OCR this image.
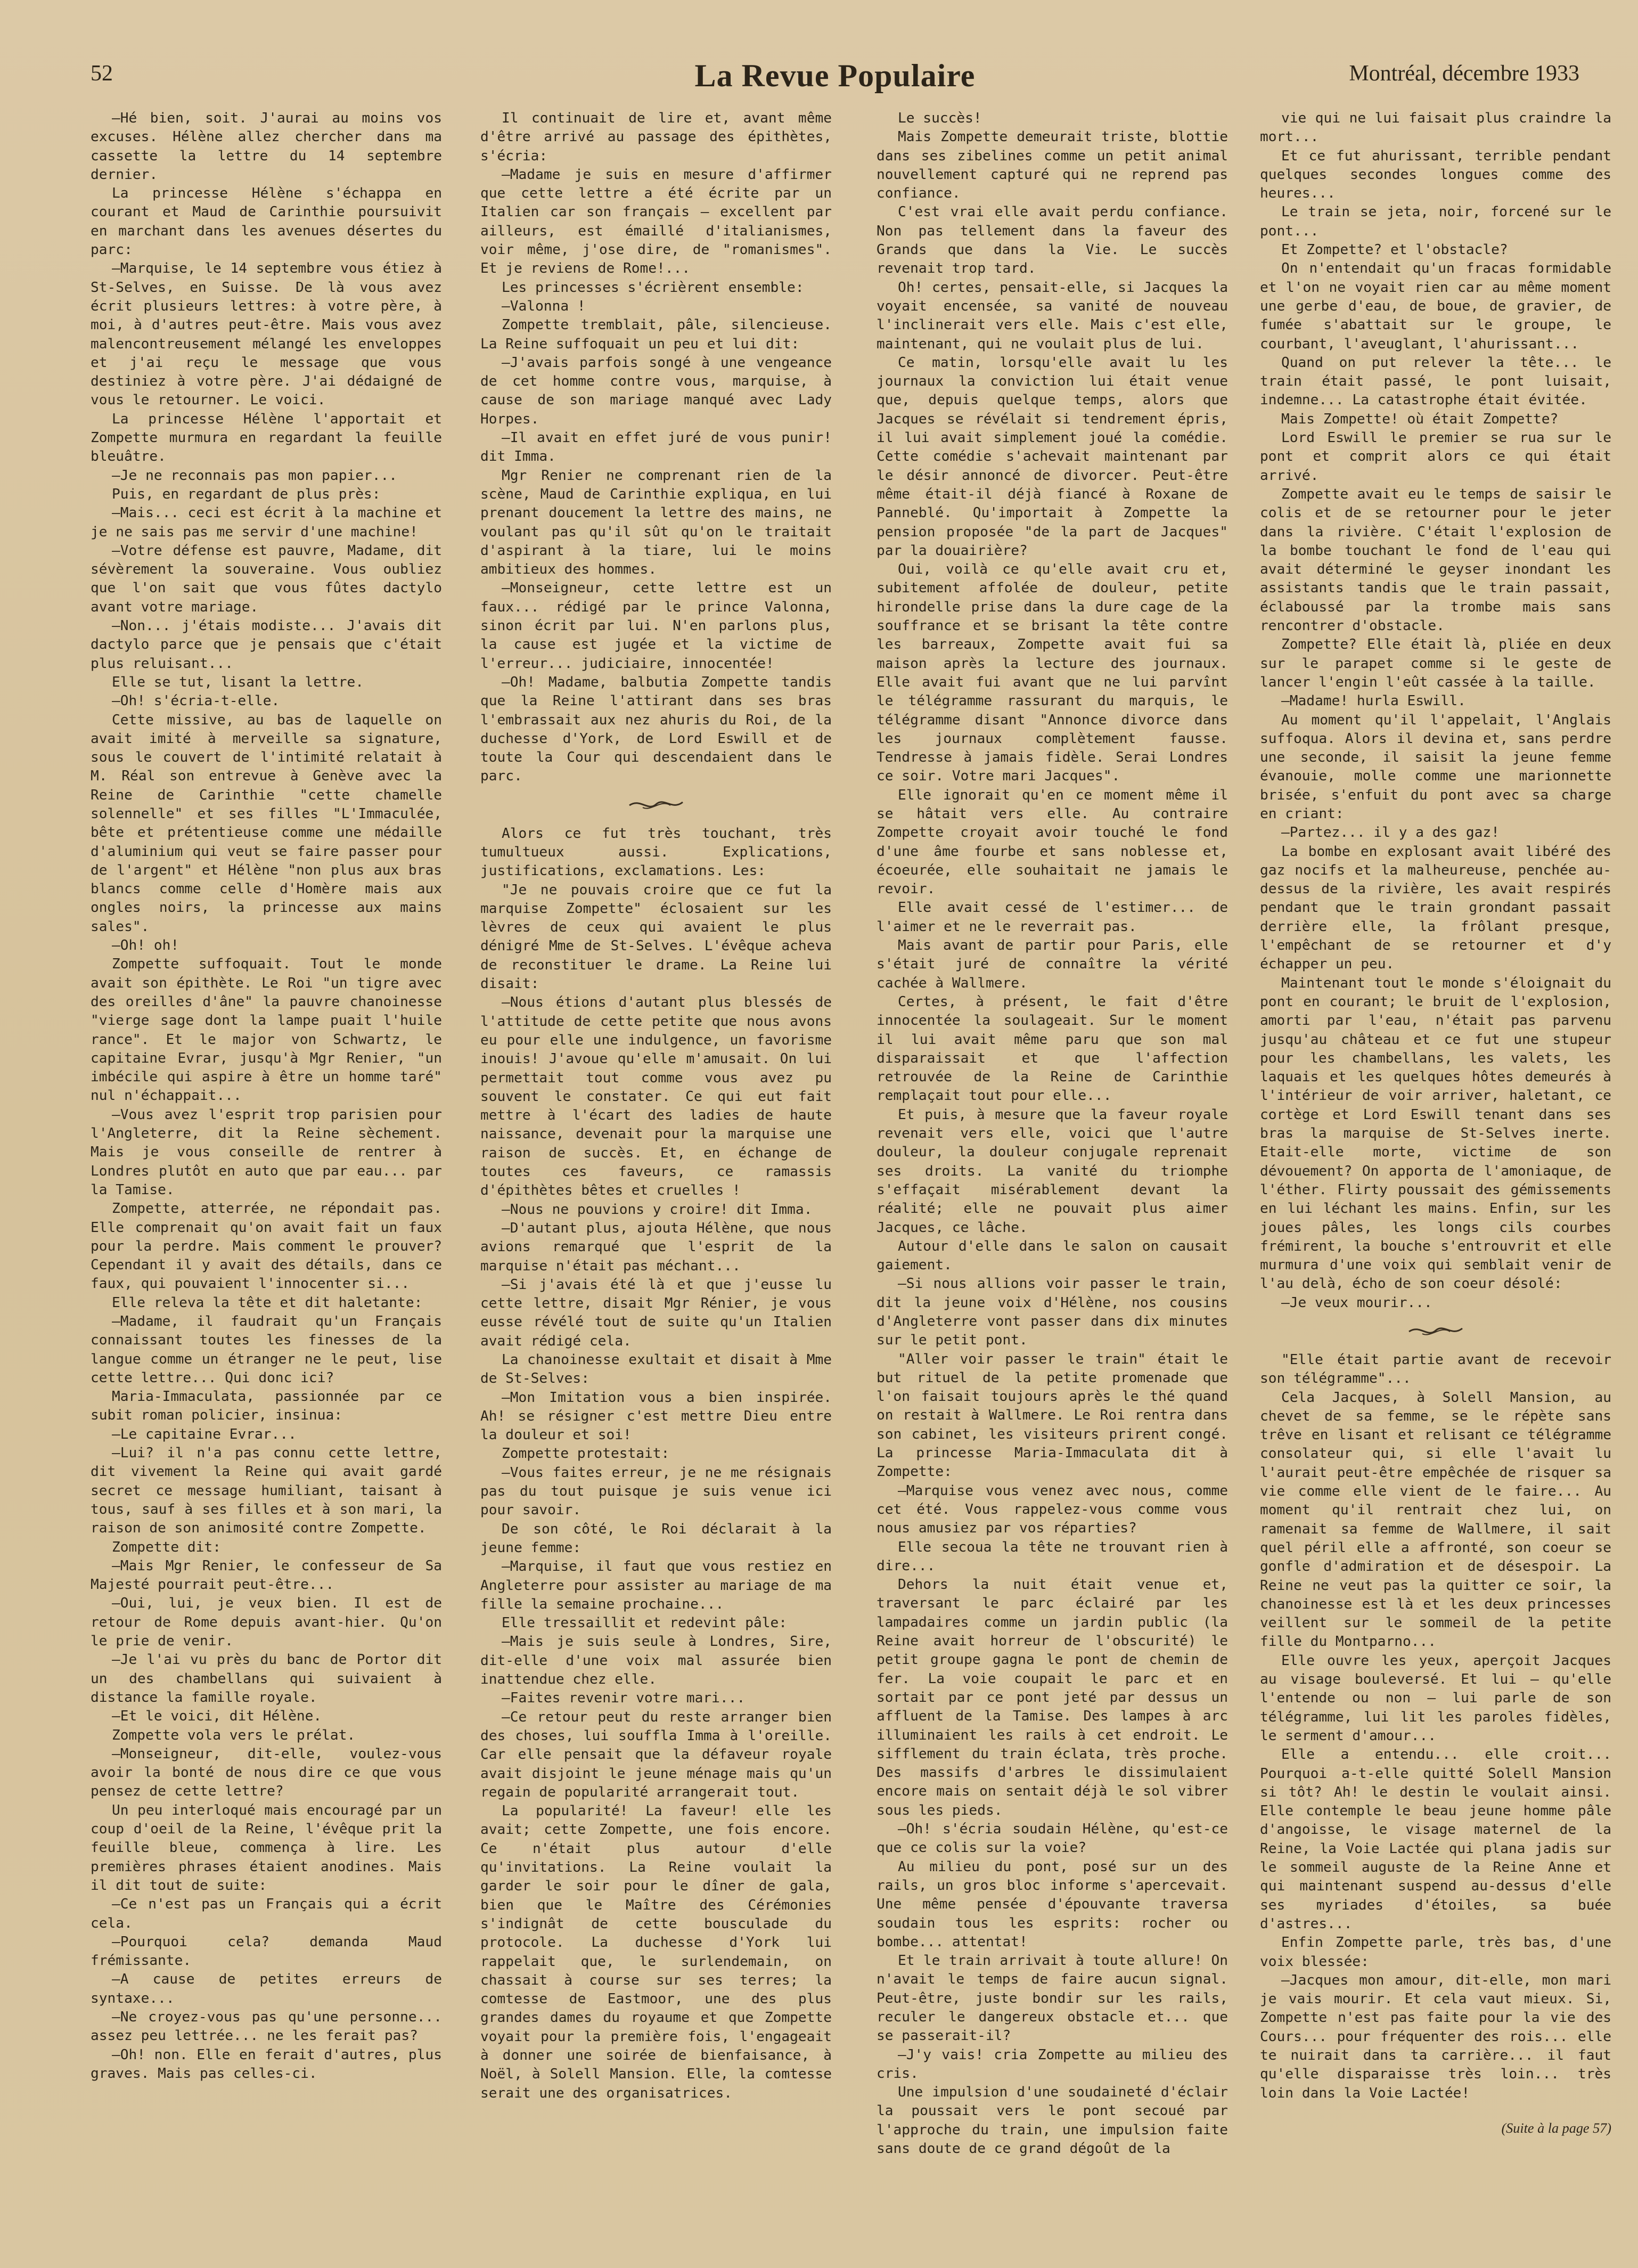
52	La Revue Populaire	Montréal, décembre 1933

—Hé bien, soit. J'aurai au moins vos excuses. Hélène allez chercher dans ma cassette la lettre du 14 septembre dernier.

La princesse Hélène s'échappa en courant et Maud de Carinthie poursuivit en marchant dans les avenues désertes du parc:

—Marquise, le 14 septembre vous étiez à St-Selves, en Suisse. De là vous avez écrit plusieurs lettres: à votre père, à moi, à d'autres peut-être. Mais vous avez malencontreusement mélangé les enveloppes et j'ai reçu le message que vous destiniez à votre père. J'ai dédaigné de vous le retourner. Le voici.

La princesse Hélène l'apportait et Zompette murmura en regardant la feuille bleuâtre.

—Je ne reconnais pas mon papier...

Puis, en regardant de plus près:

—Mais... ceci est écrit à la machine et je ne sais pas me servir d'une machine!

—Votre défense est pauvre, Madame, dit sévèrement la souveraine. Vous oubliez que l'on sait que vous fûtes dactylo avant votre mariage.

—Non... j'étais modiste... J'avais dit dactylo parce que je pensais que c'était plus reluisant...

Elle se tut, lisant la lettre.

—Oh! s'écria-t-elle.

Cette missive, au bas de laquelle on avait imité à merveille sa signature, sous le couvert de l'intimité relatait à M. Réal son entrevue à Genève avec la Reine de Carinthie "cette chamelle solennelle" et ses filles "L'Immaculée, bête et prétentieuse comme une médaille d'aluminium qui veut se faire passer pour de l'argent" et Hélène "non plus aux bras blancs comme celle d'Homère mais aux ongles noirs, la princesse aux mains sales".

—Oh! oh!

Zompette suffoquait. Tout le monde avait son épithète. Le Roi "un tigre avec des oreilles d'âne" la pauvre chanoinesse "vierge sage dont la lampe puait l'huile rance". Et le major von Schwartz, le capitaine Evrar, jusqu'à Mgr Renier, "un imbécile qui aspire à être un homme taré" nul n'échappait...

—Vous avez l'esprit trop parisien pour l'Angleterre, dit la Reine sèchement. Mais je vous conseille de rentrer à Londres plutôt en auto que par eau... par la Tamise.

Zompette, atterrée, ne répondait pas. Elle comprenait qu'on avait fait un faux pour la perdre. Mais comment le prouver? Cependant il y avait des détails, dans ce faux, qui pouvaient l'innocenter si...

Elle releva la tête et dit haletante:

—Madame, il faudrait qu'un Français connaissant toutes les finesses de la langue comme un étranger ne le peut, lise cette lettre... Qui donc ici?

Maria-Immaculata, passionnée par ce subit roman policier, insinua:

—Le capitaine Evrar...

—Lui? il n'a pas connu cette lettre, dit vivement la Reine qui avait gardé secret ce message humiliant, taisant à tous, sauf à ses filles et à son mari, la raison de son animosité contre Zompette.

Zompette dit:

—Mais Mgr Renier, le confesseur de Sa Majesté pourrait peut-être...

—Oui, lui, je veux bien. Il est de retour de Rome depuis avant-hier. Qu'on le prie de venir.

—Je l'ai vu près du banc de Portor dit un des chambellans qui suivaient à distance la famille royale.

—Et le voici, dit Hélène.

Zompette vola vers le prélat.

—Monseigneur, dit-elle, voulez-vous avoir la bonté de nous dire ce que vous pensez de cette lettre?

Un peu interloqué mais encouragé par un coup d'oeil de la Reine, l'évêque prit la feuille bleue, commença à lire. Les premières phrases étaient anodines. Mais il dit tout de suite:

—Ce n'est pas un Français qui a écrit cela.

—Pourquoi cela? demanda Maud frémissante.

—A cause de petites erreurs de syntaxe...

—Ne croyez-vous pas qu'une personne... assez peu lettrée... ne les ferait pas?

—Oh! non. Elle en ferait d'autres, plus graves. Mais pas celles-ci.

Il continuait de lire et, avant même d'être arrivé au passage des épithètes, s'écria:

—Madame je suis en mesure d'affirmer que cette lettre a été écrite par un Italien car son français — excellent par ailleurs, est émaillé d'italianismes, voir même, j'ose dire, de "romanismes". Et je reviens de Rome!...

Les princesses s'écrièrent ensemble:

—Valonna !

Zompette tremblait, pâle, silencieuse. La Reine suffoquait un peu et lui dit:

—J'avais parfois songé à une vengeance de cet homme contre vous, marquise, à cause de son mariage manqué avec Lady Horpes.

—Il avait en effet juré de vous punir! dit Imma.

Mgr Renier ne comprenant rien de la scène, Maud de Carinthie expliqua, en lui prenant doucement la lettre des mains, ne voulant pas qu'il sût qu'on le traitait d'aspirant à la tiare, lui le moins ambitieux des hommes.

—Monseigneur, cette lettre est un faux... rédigé par le prince Valonna, sinon écrit par lui. N'en parlons plus, la cause est jugée et la victime de l'erreur... judiciaire, innocentée!

—Oh! Madame, balbutia Zompette tandis que la Reine l'attirant dans ses bras l'embrassait aux nez ahuris du Roi, de la duchesse d'York, de Lord Eswill et de toute la Cour qui descendaient dans le parc.

Alors ce fut très touchant, très tumultueux aussi. Explications, justifications, exclamations. Les:

"Je ne pouvais croire que ce fut la marquise Zompette" éclosaient sur les lèvres de ceux qui avaient le plus dénigré Mme de St-Selves. L'évêque acheva de reconstituer le drame. La Reine lui disait:

—Nous étions d'autant plus blessés de l'attitude de cette petite que nous avons eu pour elle une indulgence, un favorisme inouis! J'avoue qu'elle m'amusait. On lui permettait tout comme vous avez pu souvent le constater. Ce qui eut fait mettre à l'écart des ladies de haute naissance, devenait pour la marquise une raison de succès. Et, en échange de toutes ces faveurs, ce ramassis d'épithètes bêtes et cruelles !

—Nous ne pouvions y croire! dit Imma.

—D'autant plus, ajouta Hélène, que nous avions remarqué que l'esprit de la marquise n'était pas méchant...

—Si j'avais été là et que j'eusse lu cette lettre, disait Mgr Rénier, je vous eusse révélé tout de suite qu'un Italien avait rédigé cela.

La chanoinesse exultait et disait à Mme de St-Selves:

—Mon Imitation vous a bien inspirée. Ah! se résigner c'est mettre Dieu entre la douleur et soi!

Zompette protestait:

—Vous faites erreur, je ne me résignais pas du tout puisque je suis venue ici pour savoir.

De son côté, le Roi déclarait à la jeune femme:

—Marquise, il faut que vous restiez en Angleterre pour assister au mariage de ma fille la semaine prochaine...

Elle tressaillit et redevint pâle:

—Mais je suis seule à Londres, Sire, dit-elle d'une voix mal assurée bien inattendue chez elle.

—Faites revenir votre mari...

—Ce retour peut du reste arranger bien des choses, lui souffla Imma à l'oreille. Car elle pensait que la défaveur royale avait disjoint le jeune ménage mais qu'un regain de popularité arrangerait tout.

La popularité! La faveur! elle les avait; cette Zompette, une fois encore. Ce n'était plus autour d'elle qu'invitations. La Reine voulait la garder le soir pour le dîner de gala, bien que le Maître des Cérémonies s'indignât de cette bousculade du protocole. La duchesse d'York lui rappelait que, le surlendemain, on chassait à course sur ses terres; la comtesse de Eastmoor, une des plus grandes dames du royaume et que Zompette voyait pour la première fois, l'engageait à donner une soirée de bienfaisance, à Noël, à Solell Mansion. Elle, la comtesse serait une des organisatrices.

Le succès!

Mais Zompette demeurait triste, blottie dans ses zibelines comme un petit animal nouvellement capturé qui ne reprend pas confiance.

C'est vrai elle avait perdu confiance. Non pas tellement dans la faveur des Grands que dans la Vie. Le succès revenait trop tard.

Oh! certes, pensait-elle, si Jacques la voyait encensée, sa vanité de nouveau l'inclinerait vers elle. Mais c'est elle, maintenant, qui ne voulait plus de lui.

Ce matin, lorsqu'elle avait lu les journaux la conviction lui était venue que, depuis quelque temps, alors que Jacques se révélait si tendrement épris, il lui avait simplement joué la comédie. Cette comédie s'achevait maintenant par le désir annoncé de divorcer. Peut-être même était-il déjà fiancé à Roxane de Panneblé. Qu'importait à Zompette la pension proposée "de la part de Jacques" par la douairière?

Oui, voilà ce qu'elle avait cru et, subitement affolée de douleur, petite hirondelle prise dans la dure cage de la souffrance et se brisant la tête contre les barreaux, Zompette avait fui sa maison après la lecture des journaux. Elle avait fui avant que ne lui parvînt le télégramme rassurant du marquis, le télégramme disant "Annonce divorce dans les journaux complètement fausse. Tendresse à jamais fidèle. Serai Londres ce soir. Votre mari Jacques".

Elle ignorait qu'en ce moment même il se hâtait vers elle. Au contraire Zompette croyait avoir touché le fond d'une âme fourbe et sans noblesse et, écoeurée, elle souhaitait ne jamais le revoir.

Elle avait cessé de l'estimer... de l'aimer et ne le reverrait pas.

Mais avant de partir pour Paris, elle s'était juré de connaître la vérité cachée à Wallmere.

Certes, à présent, le fait d'être innocentée la soulageait. Sur le moment il lui avait même paru que son mal disparaissait et que l'affection retrouvée de la Reine de Carinthie remplaçait tout pour elle...

Et puis, à mesure que la faveur royale revenait vers elle, voici que l'autre douleur, la douleur conjugale reprenait ses droits. La vanité du triomphe s'effaçait misérablement devant la réalité; elle ne pouvait plus aimer Jacques, ce lâche.

Autour d'elle dans le salon on causait gaiement.

—Si nous allions voir passer le train, dit la jeune voix d'Hélène, nos cousins d'Angleterre vont passer dans dix minutes sur le petit pont.

"Aller voir passer le train" était le but rituel de la petite promenade que l'on faisait toujours après le thé quand on restait à Wallmere. Le Roi rentra dans son cabinet, les visiteurs prirent congé. La princesse Maria-Immaculata dit à Zompette:

—Marquise vous venez avec nous, comme cet été. Vous rappelez-vous comme vous nous amusiez par vos réparties?

Elle secoua la tête ne trouvant rien à dire...

Dehors la nuit était venue et, traversant le parc éclairé par les lampadaires comme un jardin public (la Reine avait horreur de l'obscurité) le petit groupe gagna le pont de chemin de fer. La voie coupait le parc et en sortait par ce pont jeté par dessus un affluent de la Tamise. Des lampes à arc illuminaient les rails à cet endroit. Le sifflement du train éclata, très proche. Des massifs d'arbres le dissimulaient encore mais on sentait déjà le sol vibrer sous les pieds.

—Oh! s'écria soudain Hélène, qu'est-ce que ce colis sur la voie?

Au milieu du pont, posé sur un des rails, un gros bloc informe s'apercevait. Une même pensée d'épouvante traversa soudain tous les esprits: rocher ou bombe... attentat!

Et le train arrivait à toute allure! On n'avait le temps de faire aucun signal. Peut-être, juste bondir sur les rails, reculer le dangereux obstacle et... que se passerait-il?

—J'y vais! cria Zompette au milieu des cris.

Une impulsion d'une soudaineté d'éclair la poussait vers le pont secoué par l'approche du train, une impulsion faite sans doute de ce grand dégoût de la

vie qui ne lui faisait plus craindre la mort...

Et ce fut ahurissant, terrible pendant quelques secondes longues comme des heures...

Le train se jeta, noir, forcené sur le pont...

Et Zompette? et l'obstacle?

On n'entendait qu'un fracas formidable et l'on ne voyait rien car au même moment une gerbe d'eau, de boue, de gravier, de fumée s'abattait sur le groupe, le courbant, l'aveuglant, l'ahurissant...

Quand on put relever la tête... le train était passé, le pont luisait, indemne... La catastrophe était évitée.

Mais Zompette! où était Zompette?

Lord Eswill le premier se rua sur le pont et comprit alors ce qui était arrivé.

Zompette avait eu le temps de saisir le colis et de se retourner pour le jeter dans la rivière. C'était l'explosion de la bombe touchant le fond de l'eau qui avait déterminé le geyser inondant les assistants tandis que le train passait, éclaboussé par la trombe mais sans rencontrer d'obstacle.

Zompette? Elle était là, pliée en deux sur le parapet comme si le geste de lancer l'engin l'eût cassée à la taille.

—Madame! hurla Eswill.

Au moment qu'il l'appelait, l'Anglais suffoqua. Alors il devina et, sans perdre une seconde, il saisit la jeune femme évanouie, molle comme une marionnette brisée, s'enfuit du pont avec sa charge en criant:

—Partez... il y a des gaz!

La bombe en explosant avait libéré des gaz nocifs et la malheureuse, penchée au-dessus de la rivière, les avait respirés pendant que le train grondant passait derrière elle, la frôlant presque, l'empêchant de se retourner et d'y échapper un peu.

Maintenant tout le monde s'éloignait du pont en courant; le bruit de l'explosion, amorti par l'eau, n'était pas parvenu jusqu'au château et ce fut une stupeur pour les chambellans, les valets, les laquais et les quelques hôtes demeurés à l'intérieur de voir arriver, haletant, ce cortège et Lord Eswill tenant dans ses bras la marquise de St-Selves inerte. Etait-elle morte, victime de son dévouement? On apporta de l'amoniaque, de l'éther. Flirty poussait des gémissements en lui léchant les mains. Enfin, sur les joues pâles, les longs cils courbes frémirent, la bouche s'entrouvrit et elle murmura d'une voix qui semblait venir de l'au delà, écho de son coeur désolé:

—Je veux mourir...

"Elle était partie avant de recevoir son télégramme"...

Cela Jacques, à Solell Mansion, au chevet de sa femme, se le répète sans trêve en lisant et relisant ce télégramme consolateur qui, si elle l'avait lu l'aurait peut-être empêchée de risquer sa vie comme elle vient de le faire... Au moment qu'il rentrait chez lui, on ramenait sa femme de Wallmere, il sait quel péril elle a affronté, son coeur se gonfle d'admiration et de désespoir. La Reine ne veut pas la quitter ce soir, la chanoinesse est là et les deux princesses veillent sur le sommeil de la petite fille du Montparno...

Elle ouvre les yeux, aperçoit Jacques au visage bouleversé. Et lui — qu'elle l'entende ou non — lui parle de son télégramme, lui lit les paroles fidèles, le serment d'amour...

Elle a entendu... elle croit... Pourquoi a-t-elle quitté Solell Mansion si tôt? Ah! le destin le voulait ainsi. Elle contemple le beau jeune homme pâle d'angoisse, le visage maternel de la Reine, la Voie Lactée qui plana jadis sur le sommeil auguste de la Reine Anne et qui maintenant suspend au-dessus d'elle ses myriades d'étoiles, sa buée d'astres...

Enfin Zompette parle, très bas, d'une voix blessée:

—Jacques mon amour, dit-elle, mon mari je vais mourir. Et cela vaut mieux. Si, Zompette n'est pas faite pour la vie des Cours... pour fréquenter des rois... elle te nuirait dans ta carrière... il faut qu'elle disparaisse très loin... très loin dans la Voie Lactée!

(Suite à la page 57)
